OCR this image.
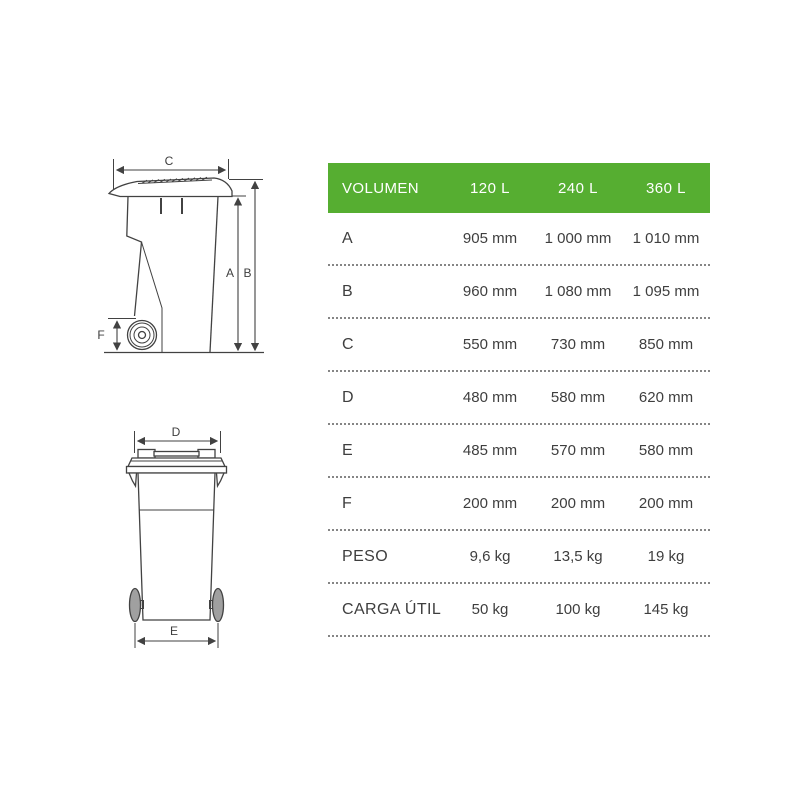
C
F
A B
D
E
VOLUMEN	120 L	240 L	360 L
A	905 mm	1 000 mm	1 010 mm
B	960 mm	1 080 mm	1 095 mm
C	550 mm	730 mm	850 mm
D	480 mm	580 mm	620 mm
E	485 mm	570 mm	580 mm
F	200 mm	200 mm	200 mm
PESO	9,6 kg	13,5 kg	19 kg
CARGA ÚTIL	50 kg	100 kg	145 kg
